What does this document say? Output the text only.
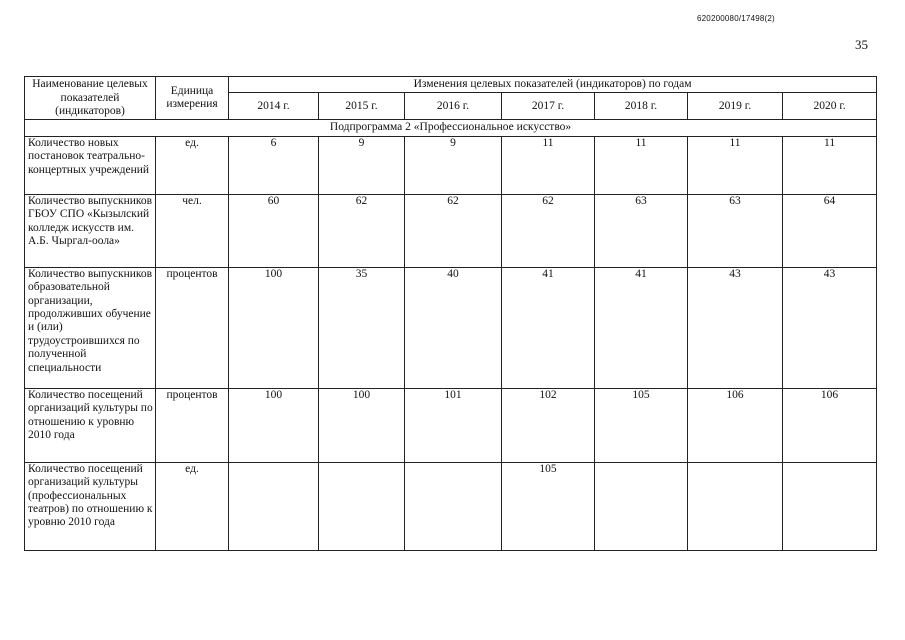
620200080/17498(2)
35
Наименование целевых показателей (индикаторов)	Единица измерения	Изменения целевых показателей (индикаторов) по годам						
		2014 г.	2015 г.	2016 г.	2017 г.	2018 г.	2019 г.	2020 г.
Подпрограмма 2 «Профессиональное искусство»								
Количество новых постановок театрально-концертных учреждений	ед.	6	9	9	11	11	11	11
Количество выпускников ГБОУ СПО «Кызылский колледж искусств им. А.Б. Чыргал-оола»	чел.	60	62	62	62	63	63	64
Количество выпускников образовательной организации, продолживших обучение и (или) трудоустроившихся по полученной специальности	процентов	100	35	40	41	41	43	43
Количество посещений организаций культуры по отношению к уровню 2010 года	процентов	100	100	101	102	105	106	106
Количество посещений организаций культуры (профессиональных театров) по отношению к уровню 2010 года	ед.				105			
